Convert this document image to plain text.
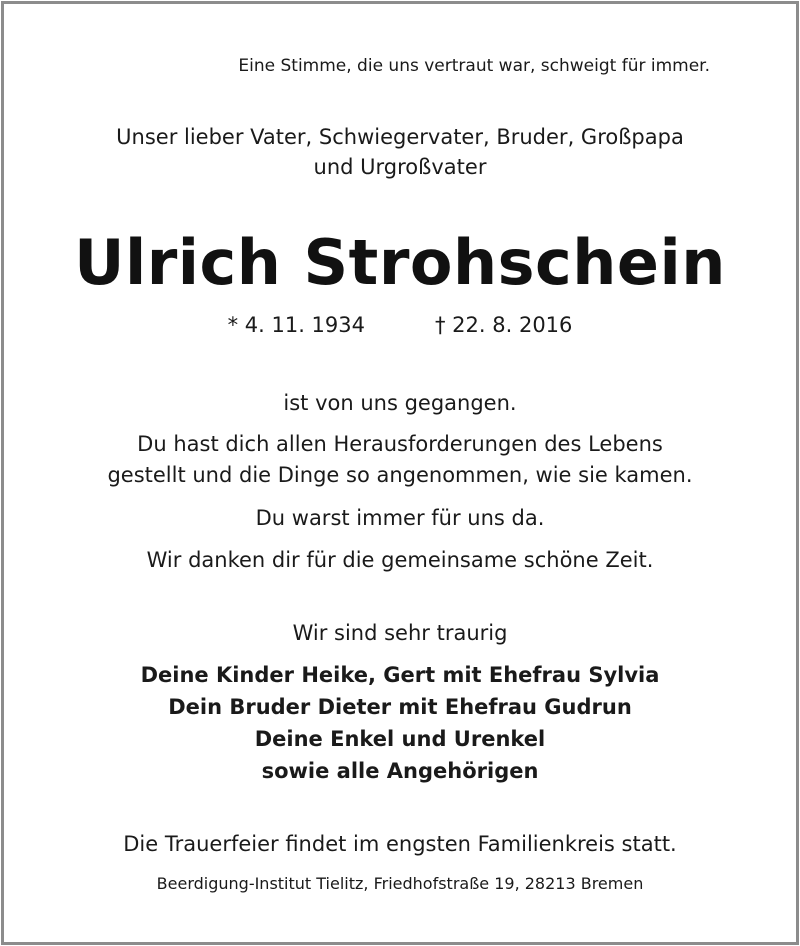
Eine Stimme, die uns vertraut war, schweigt für immer.

Unser lieber Vater, Schwiegervater, Bruder, Großpapa

und Urgroßvater

Ulrich Strohschein

* 4. 11. 1934	† 22. 8. 2016

ist von uns gegangen.

Du hast dich allen Herausforderungen des Lebens

gestellt und die Dinge so angenommen, wie sie kamen.

Du warst immer für uns da.

Wir danken dir für die gemeinsame schöne Zeit.

Wir sind sehr traurig

Deine Kinder Heike, Gert mit Ehefrau Sylvia

Dein Bruder Dieter mit Ehefrau Gudrun

Deine Enkel und Urenkel

sowie alle Angehörigen

Die Trauerfeier findet im engsten Familienkreis statt.

Beerdigung-Institut Tielitz, Friedhofstraße 19, 28213 Bremen
